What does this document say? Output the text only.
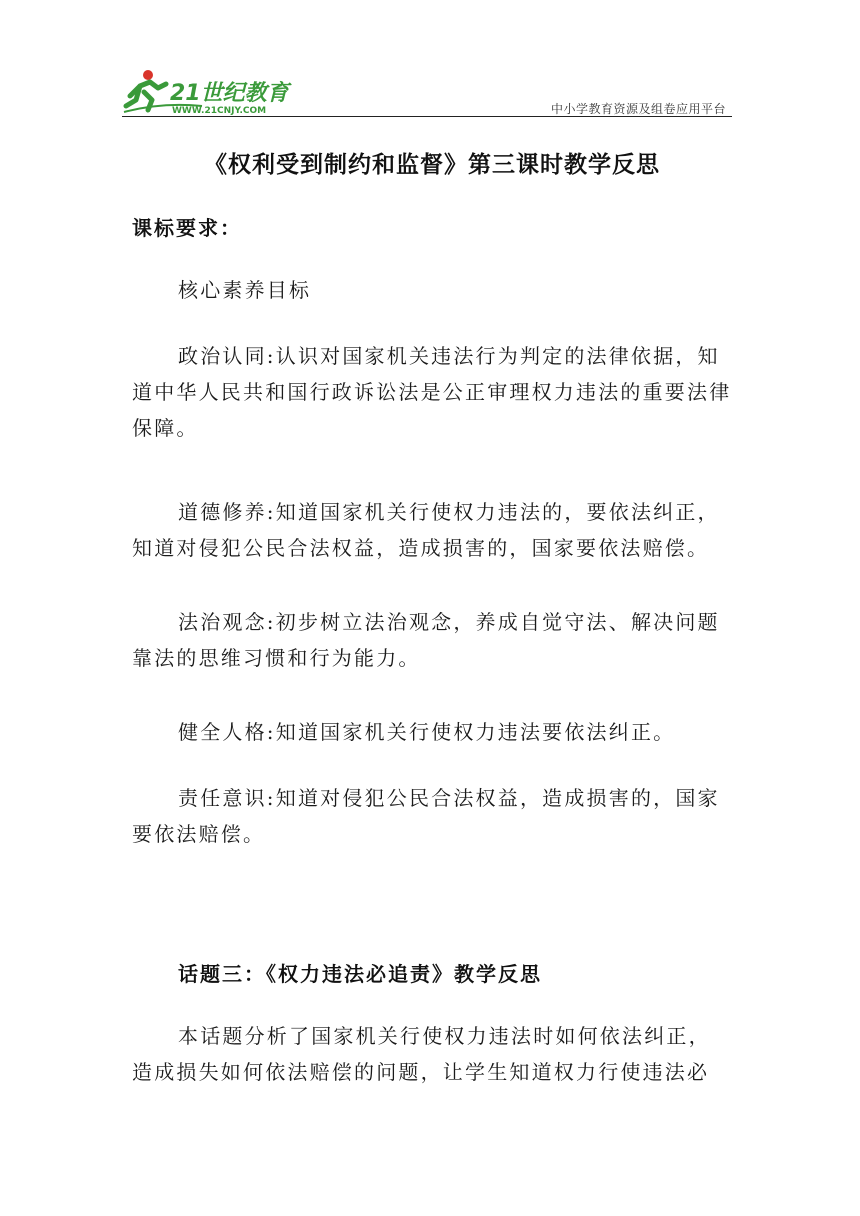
21世纪教育
WWW.21CNJY.COM	中小学教育资源及组卷应用平台
《权利受到制约和监督》第三课时教学反思
课标要求：

核心素养目标

政治认同:认识对国家机关违法行为判定的法律依据，知道中华人民共和国行政诉讼法是公正审理权力违法的重要法律保障。

道德修养:知道国家机关行使权力违法的，要依法纠正，知道对侵犯公民合法权益，造成损害的，国家要依法赔偿。

法治观念:初步树立法治观念，养成自觉守法、解决问题靠法的思维习惯和行为能力。

健全人格:知道国家机关行使权力违法要依法纠正。

责任意识:知道对侵犯公民合法权益，造成损害的，国家要依法赔偿。

话题三：《权力违法必追责》教学反思

本话题分析了国家机关行使权力违法时如何依法纠正，造成损失如何依法赔偿的问题，让学生知道权力行使违法必
